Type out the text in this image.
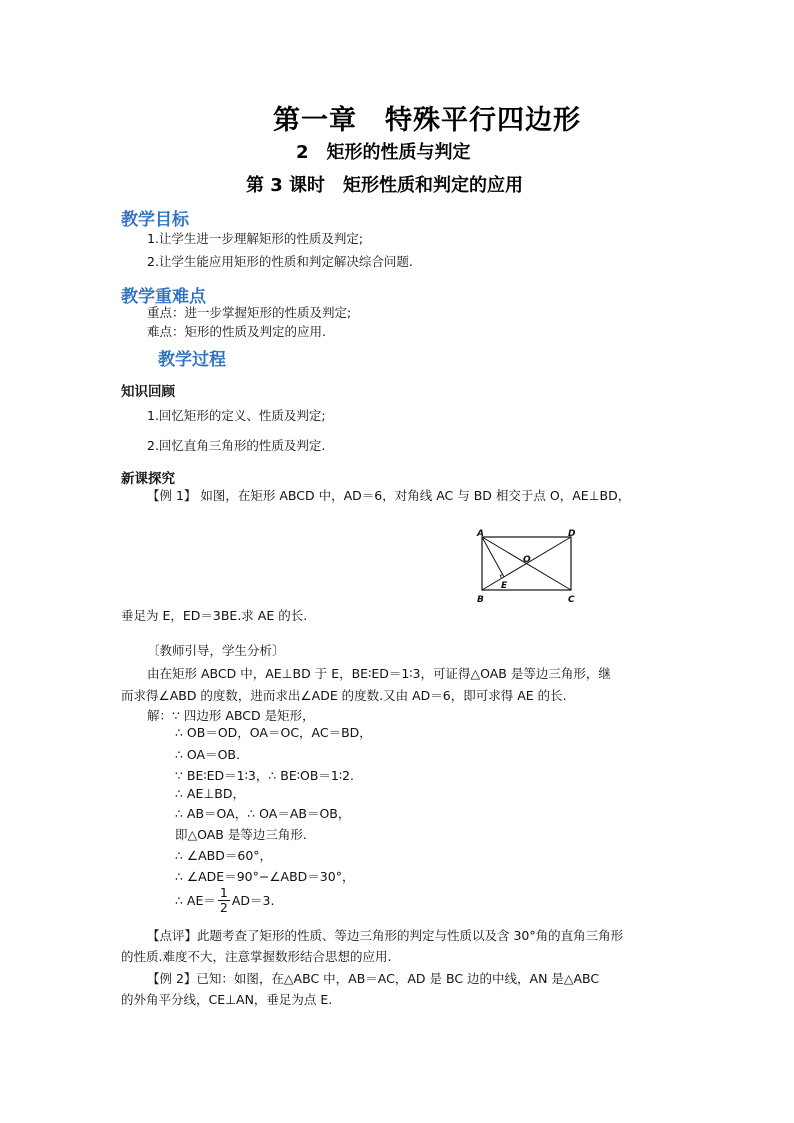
第一章　特殊平行四边形
2　矩形的性质与判定
第 3 课时　矩形性质和判定的应用
教学目标
1.让学生进一步理解矩形的性质及判定;
2.让学生能应用矩形的性质和判定解决综合问题.
教学重难点
重点：进一步掌握矩形的性质及判定;
难点：矩形的性质及判定的应用.
教学过程
知识回顾
1.回忆矩形的定义、性质及判定;
2.回忆直角三角形的性质及判定.
新课探究
【例 1】 如图，在矩形 ABCD 中，AD＝6，对角线 AC 与 BD 相交于点 O，AE⊥BD，
A	D
B	C
O
E
垂足为 E，ED＝3BE.求 AE 的长.
〔教师引导，学生分析〕
由在矩形 ABCD 中，AE⊥BD 于 E，BE∶ED＝1∶3，可证得△OAB 是等边三角形，继
而求得∠ABD 的度数，进而求出∠ADE 的度数.又由 AD＝6，即可求得 AE 的长.
解：∵ 四边形 ABCD 是矩形，
∴ OB＝OD，OA＝OC，AC＝BD，
∴ OA＝OB.
∵ BE∶ED＝1∶3，∴ BE∶OB＝1∶2.
∴ AE⊥BD，
∴ AB＝OA，∴ OA＝AB＝OB，
即△OAB 是等边三角形.
∴ ∠ABD＝60°，
∴ ∠ADE＝90°−∠ABD＝30°，
∴ $AE= \frac{1}{2} AD=3$.
【点评】此题考查了矩形的性质、等边三角形的判定与性质以及含 30°角的直角三角形
的性质.难度不大，注意掌握数形结合思想的应用.
【例 2】已知：如图，在△ABC 中，AB＝AC，AD 是 BC 边的中线，AN 是△ABC
的外角平分线，CE⊥AN，垂足为点 E.
